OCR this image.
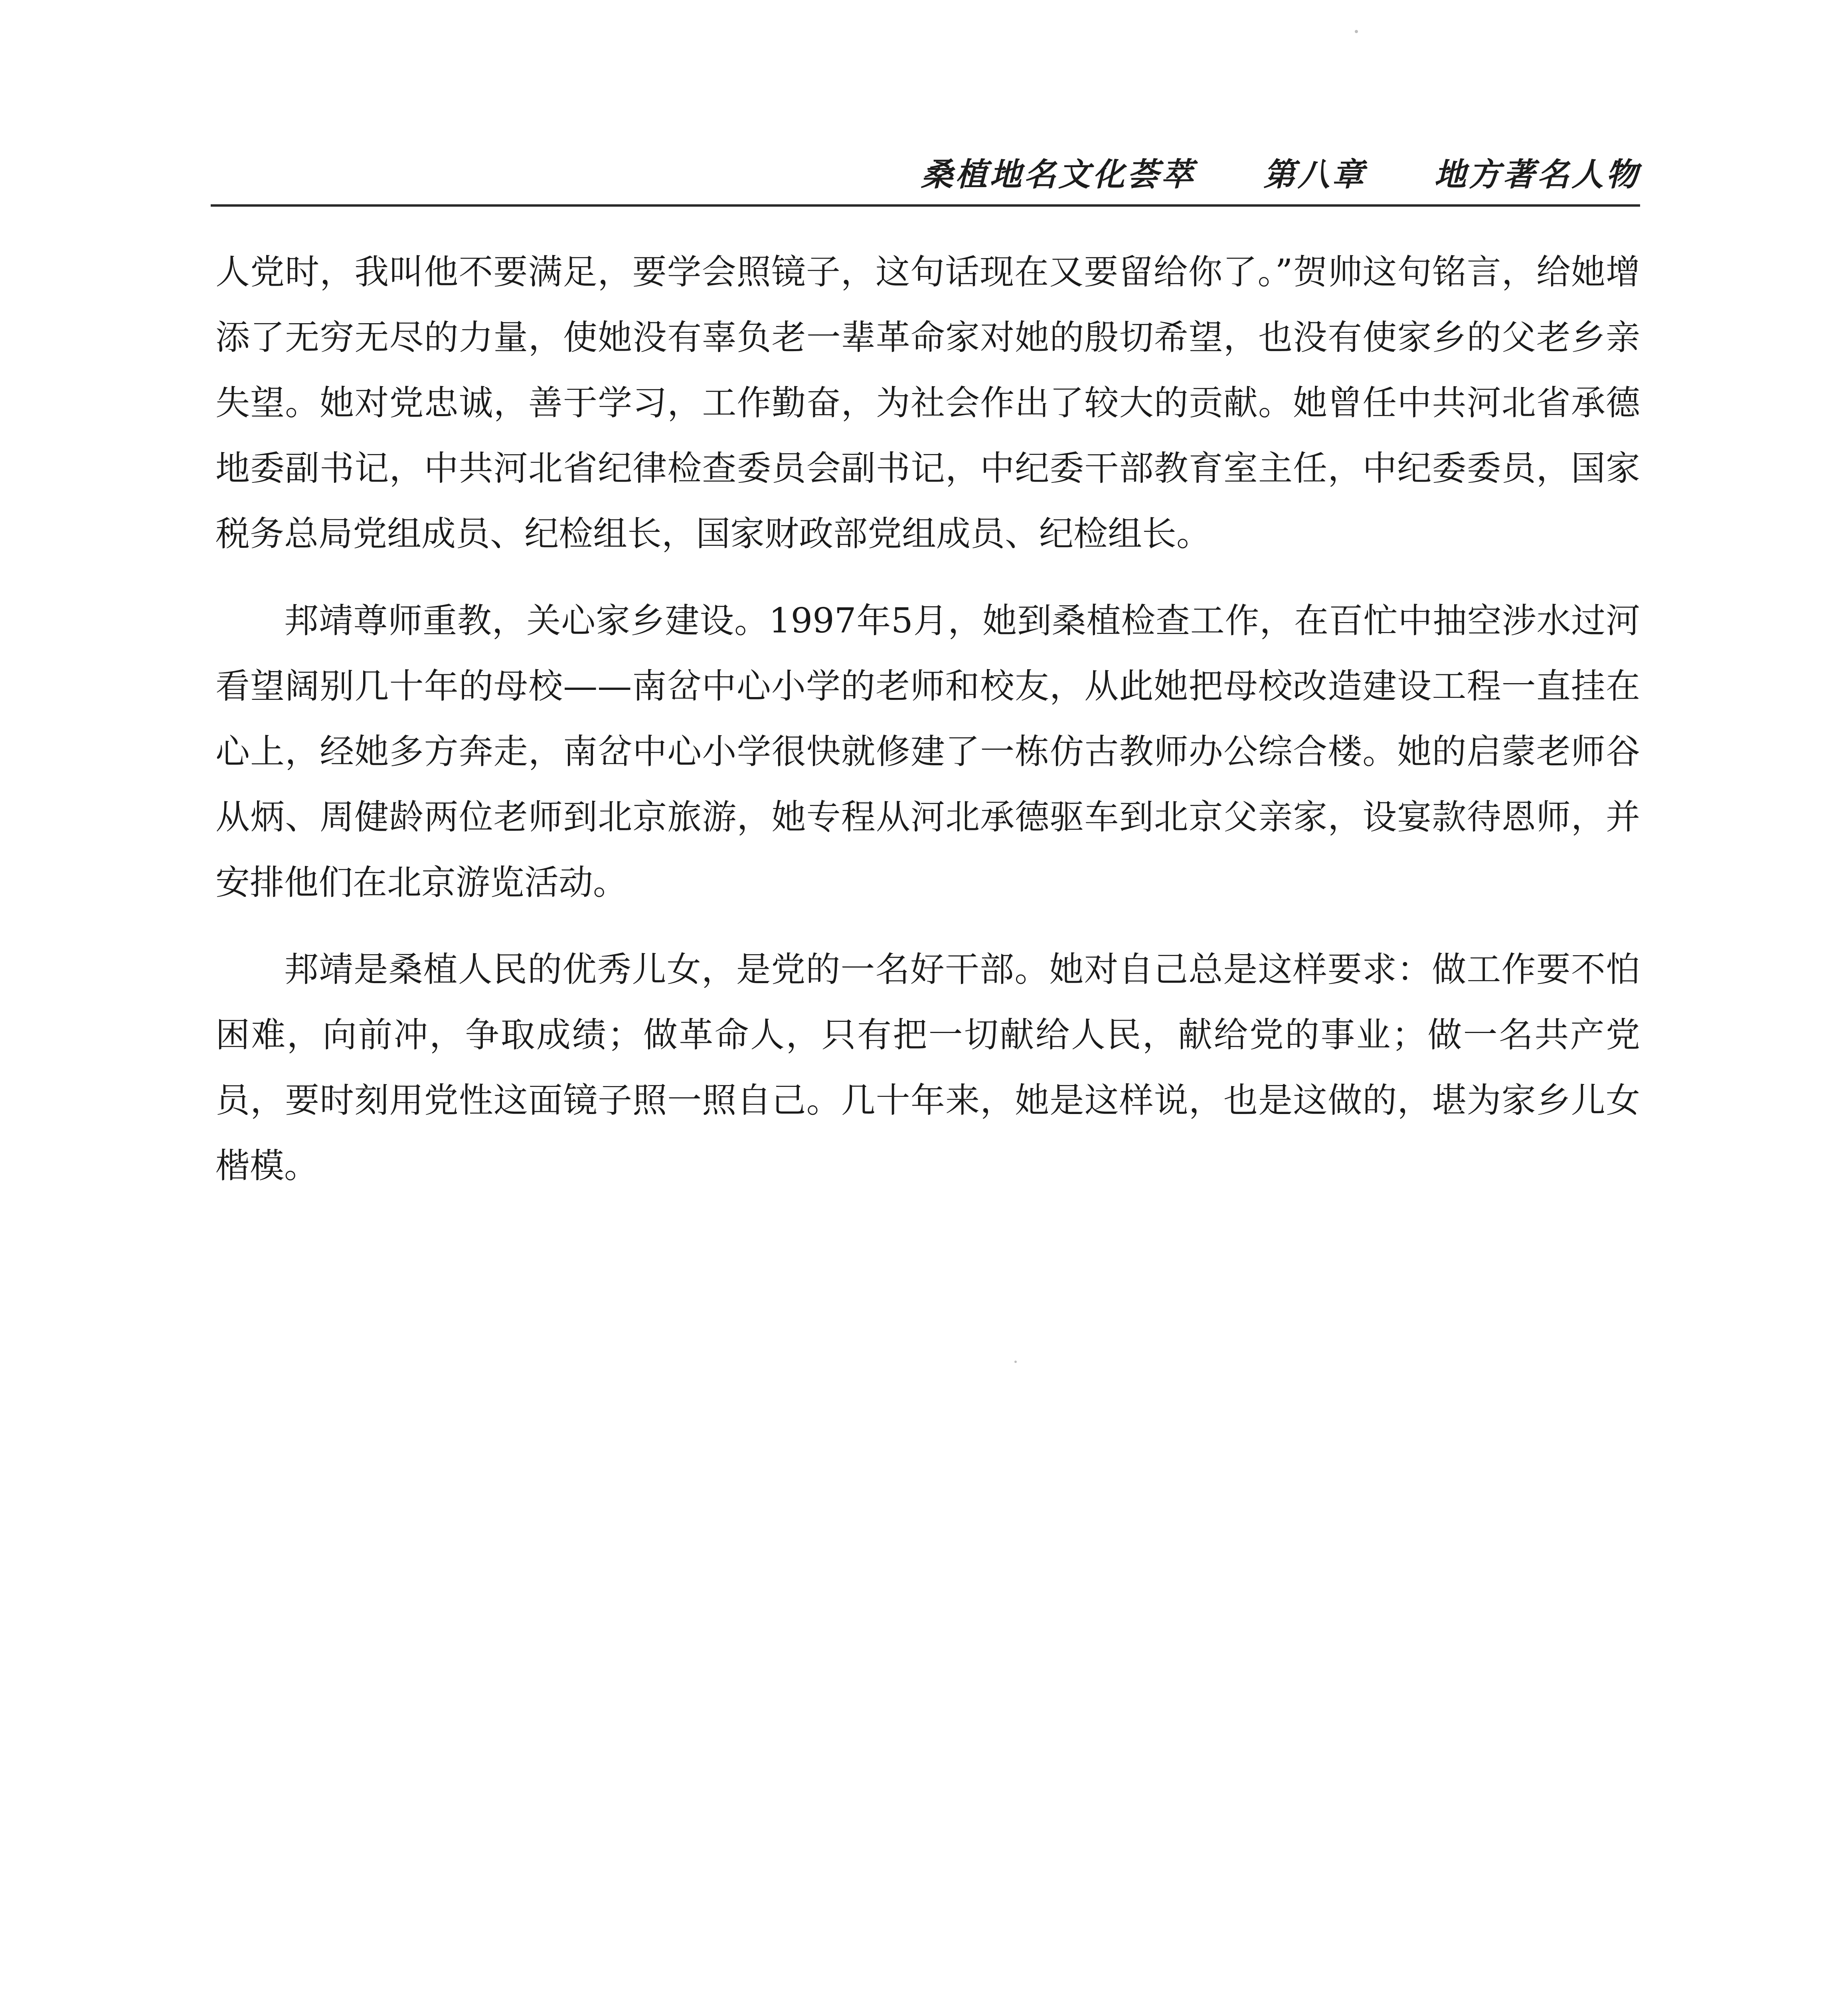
桑植地名文化荟萃 第八章 地方著名人物

人党时，我叫他不要满足，要学会照镜子，这句话现在又要留给你了。”贺帅这句铭言，给她增添了无穷无尽的力量，使她没有辜负老一辈革命家对她的殷切希望，也没有使家乡的父老乡亲失望。她对党忠诚，善于学习，工作勤奋，为社会作出了较大的贡献。她曾任中共河北省承德地委副书记，中共河北省纪律检查委员会副书记，中纪委干部教育室主任，中纪委委员，国家税务总局党组成员、纪检组长，国家财政部党组成员、纪检组长。

邦靖尊师重教，关心家乡建设。1997年5月，她到桑植检查工作，在百忙中抽空涉水过河看望阔别几十年的母校——南岔中心小学的老师和校友，从此她把母校改造建设工程一直挂在心上，经她多方奔走，南岔中心小学很快就修建了一栋仿古教师办公综合楼。她的启蒙老师谷从炳、周健龄两位老师到北京旅游，她专程从河北承德驱车到北京父亲家，设宴款待恩师，并安排他们在北京游览活动。

邦靖是桑植人民的优秀儿女，是党的一名好干部。她对自己总是这样要求：做工作要不怕困难，向前冲，争取成绩；做革命人，只有把一切献给人民，献给党的事业；做一名共产党员，要时刻用党性这面镜子照一照自己。几十年来，她是这样说，也是这做的，堪为家乡儿女楷模。
